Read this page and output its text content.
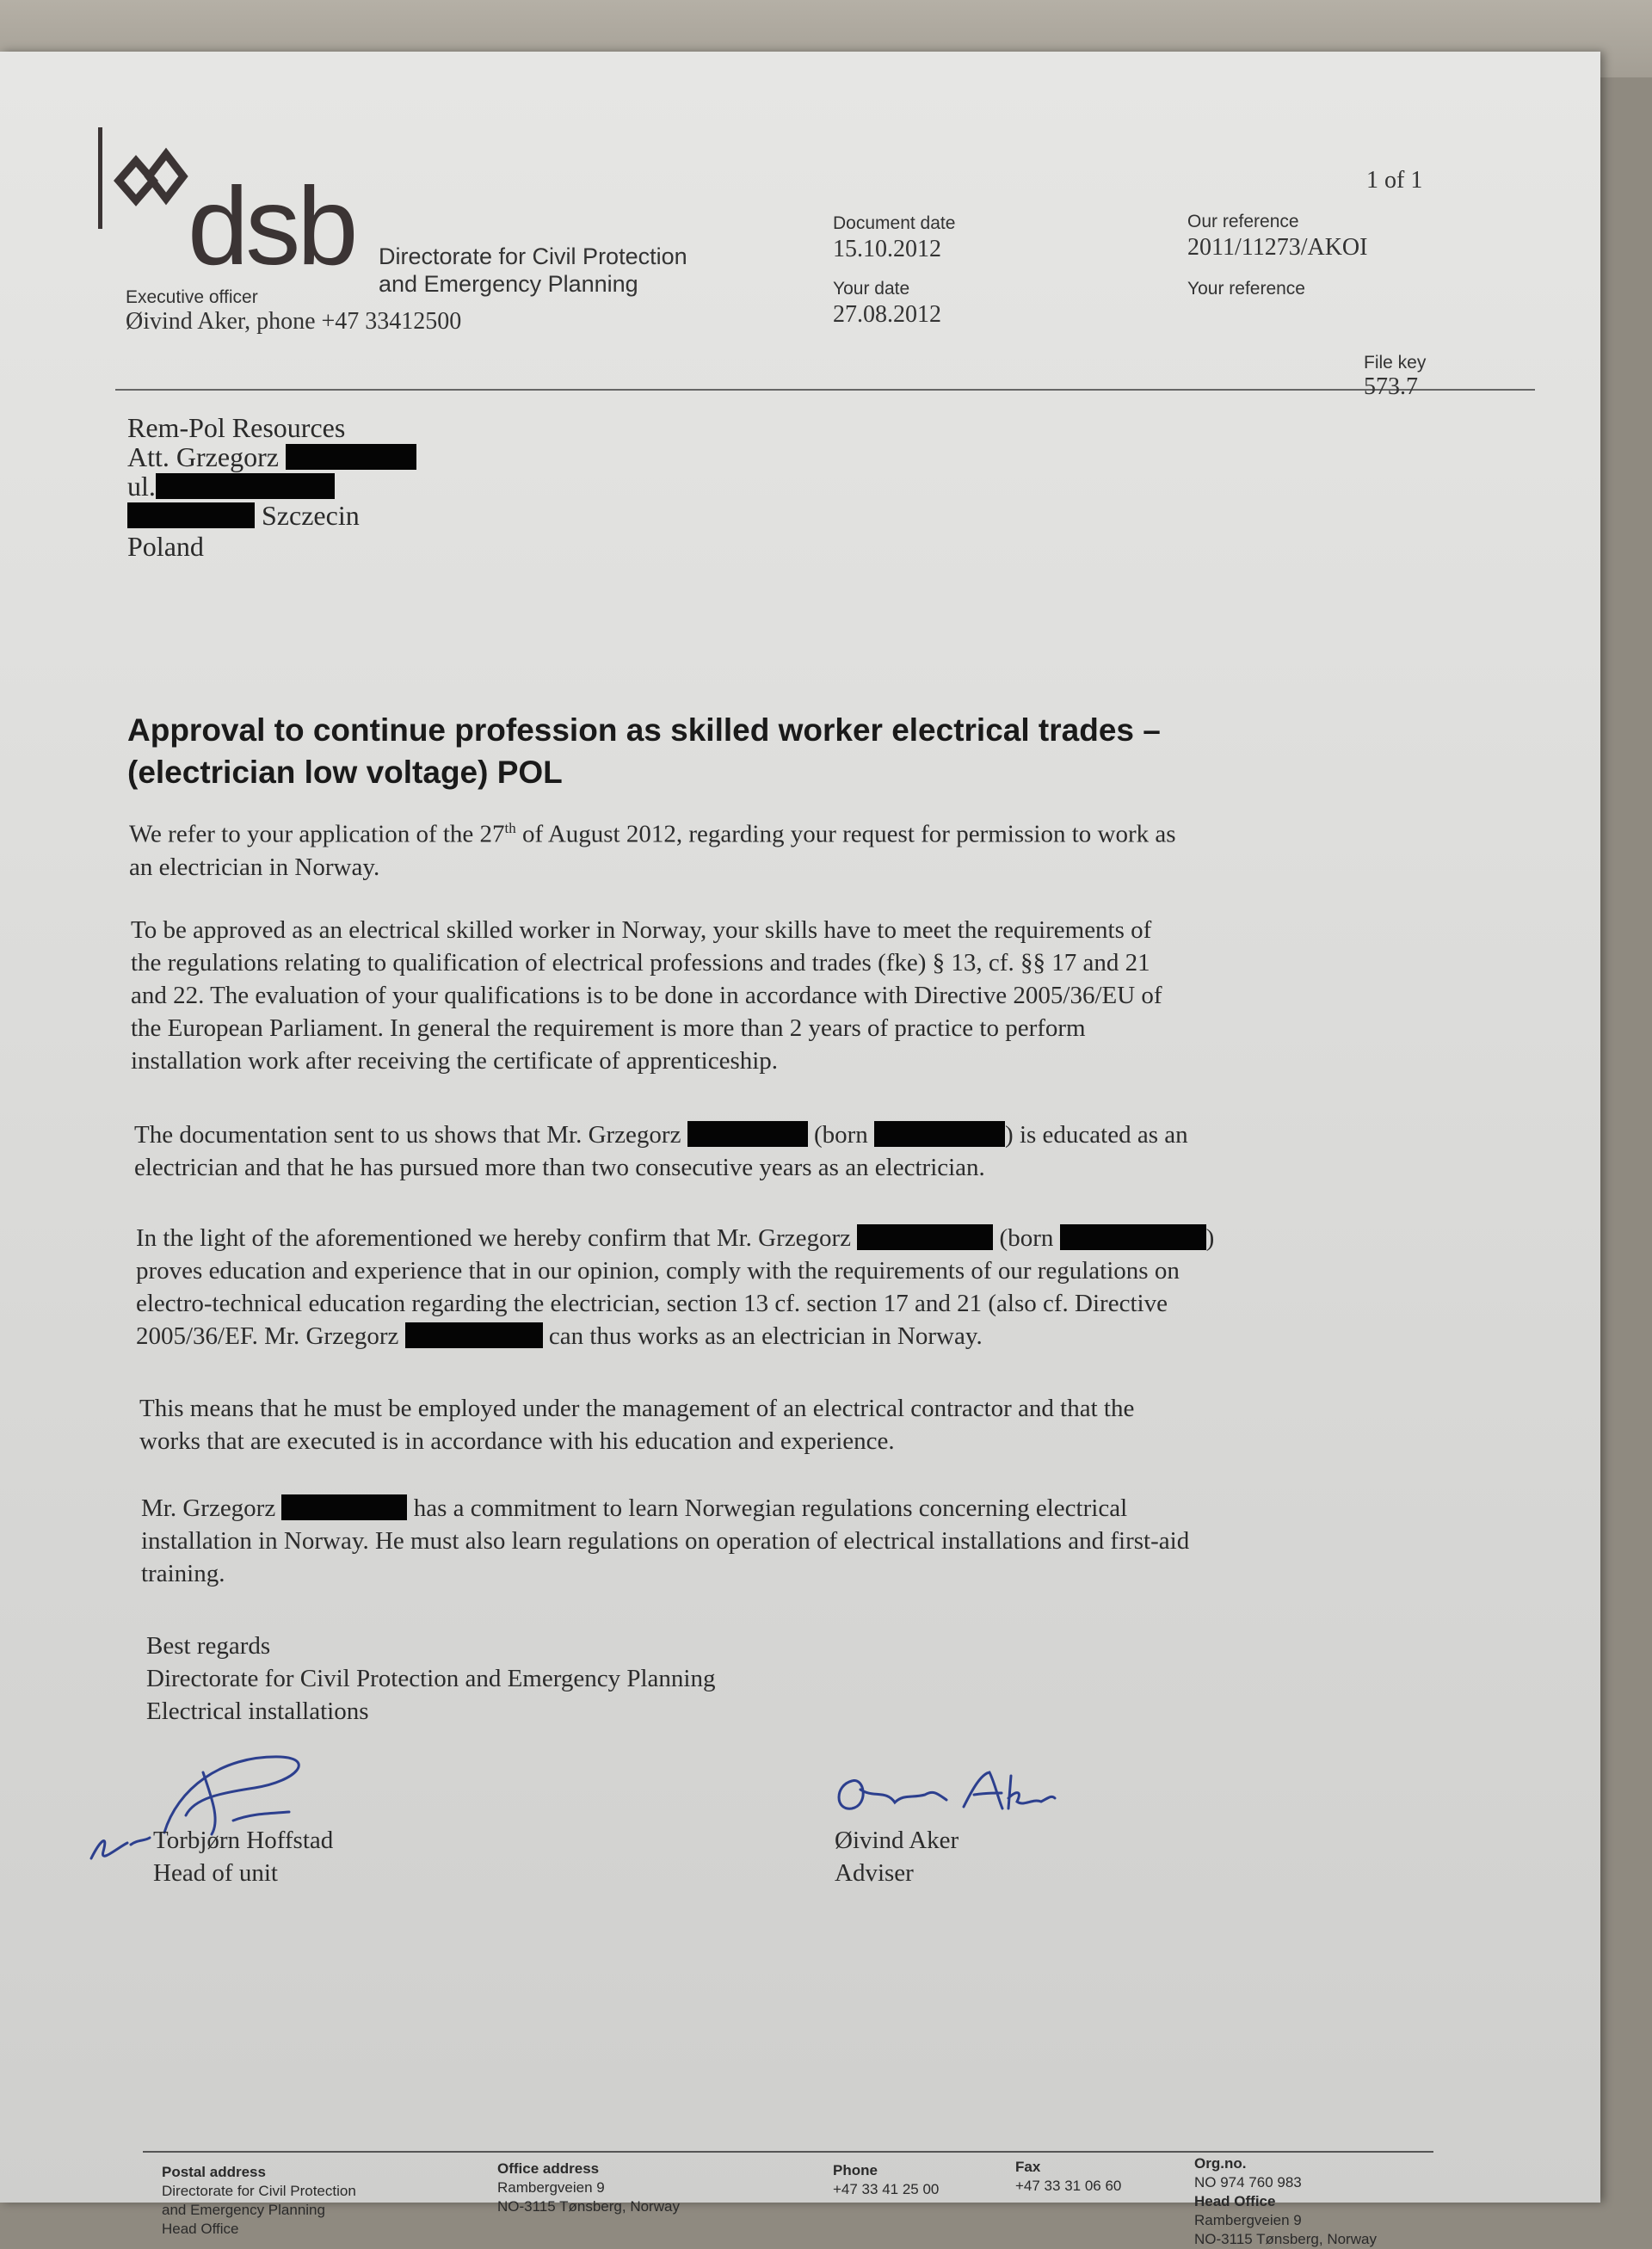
dsb Directorate for Civil Protection
and Emergency Planning
1 of 1
Document date
15.10.2012
Your date
27.08.2012
Our reference
2011/11273/AKOI
Your reference
Executive officer
Øivind Aker, phone +47 33412500
File key
573.7
Rem-Pol Resources
Att. Grzegorz
ul.
Szczecin
Poland
Approval to continue profession as skilled worker electrical trades –
(electrician low voltage) POL
We refer to your application of the 27th of August 2012, regarding your request for permission to work as
an electrician in Norway.
To be approved as an electrical skilled worker in Norway, your skills have to meet the requirements of
the regulations relating to qualification of electrical professions and trades (fke) § 13, cf. §§ 17 and 21
and 22. The evaluation of your qualifications is to be done in accordance with Directive 2005/36/EU of
the European Parliament. In general the requirement is more than 2 years of practice to perform
installation work after receiving the certificate of apprenticeship.
The documentation sent to us shows that Mr. Grzegorz	(born	) is educated as an
electrician and that he has pursued more than two consecutive years as an electrician.
In the light of the aforementioned we hereby confirm that Mr. Grzegorz	(born	)
proves education and experience that in our opinion, comply with the requirements of our regulations on
electro-technical education regarding the electrician, section 13 cf. section 17 and 21 (also cf. Directive
2005/36/EF. Mr. Grzegorz	can thus works as an electrician in Norway.
This means that he must be employed under the management of an electrical contractor and that the
works that are executed is in accordance with his education and experience.
Mr. Grzegorz	has a commitment to learn Norwegian regulations concerning electrical
installation in Norway. He must also learn regulations on operation of electrical installations and first-aid
training.
Best regards
Directorate for Civil Protection and Emergency Planning
Electrical installations
Torbjørn Hoffstad
Head of unit
Øivind Aker
Adviser
Postal address
Directorate for Civil Protection
and Emergency Planning
Head Office
Office address
Rambergveien 9
NO-3115 Tønsberg, Norway
Phone
+47 33 41 25 00
Fax
+47 33 31 06 60
Org.no.
NO 974 760 983
Head Office
Rambergveien 9
NO-3115 Tønsberg, Norway
